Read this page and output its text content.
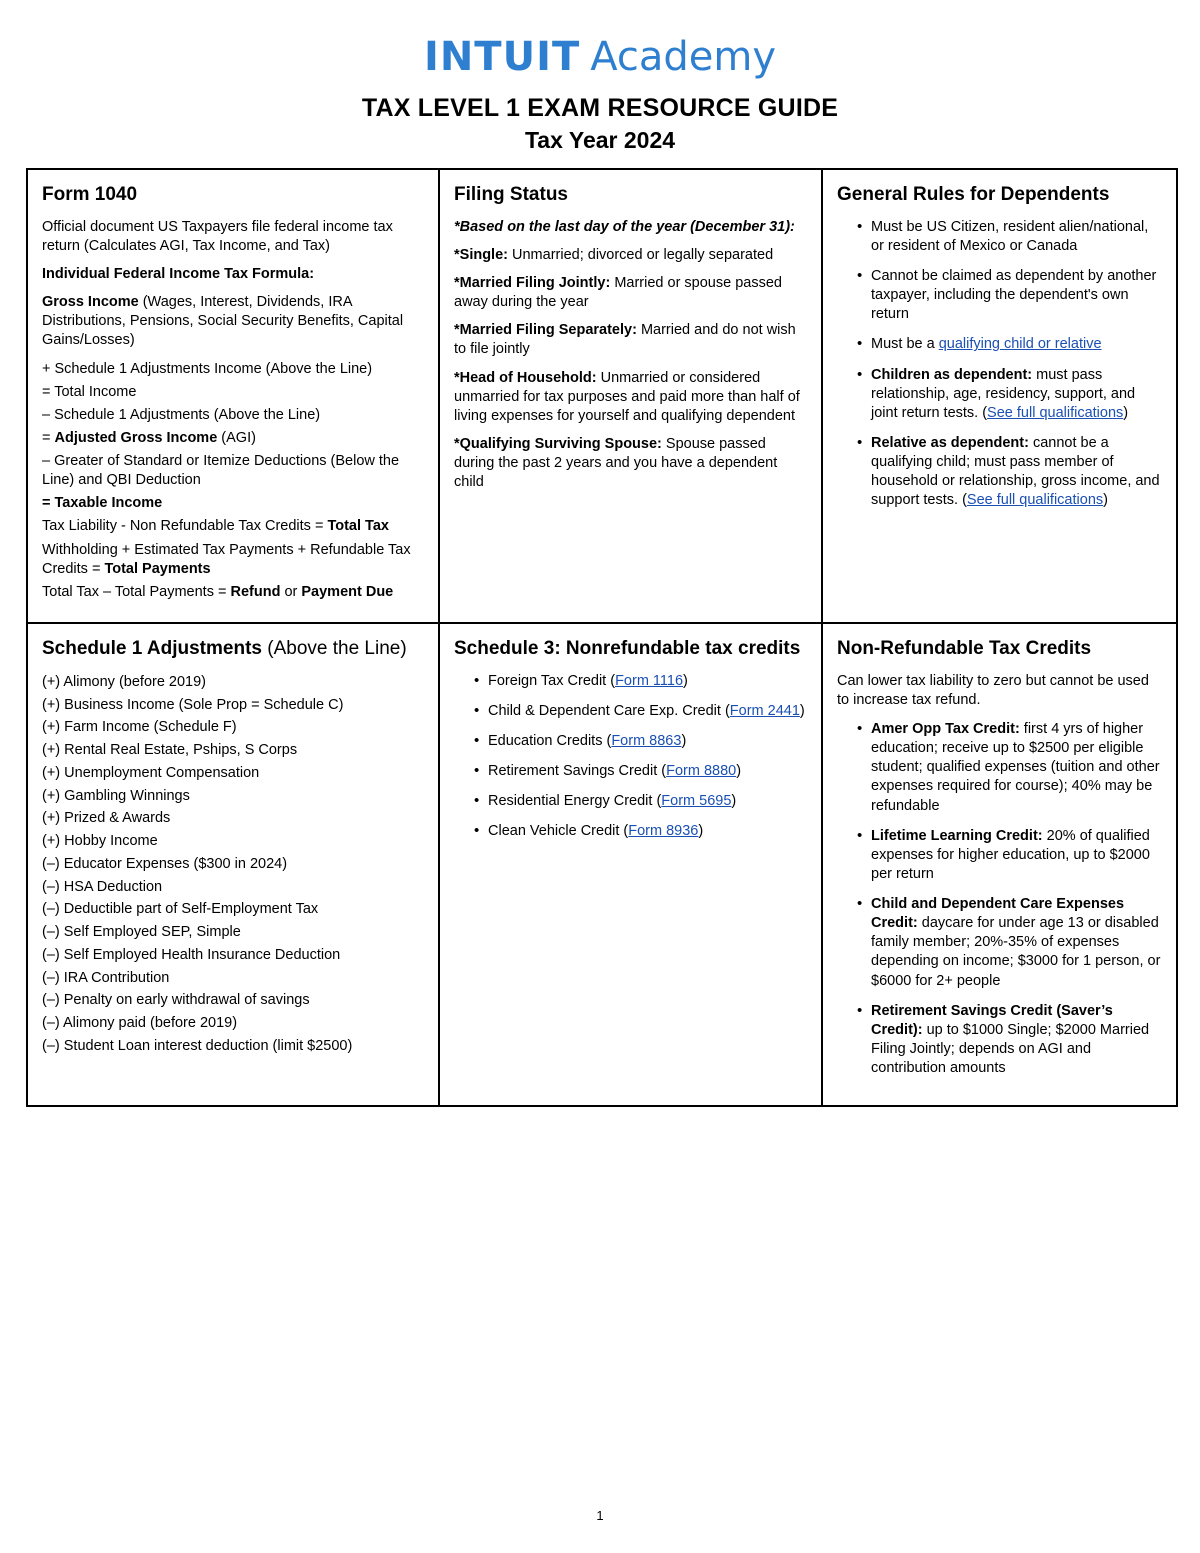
INTUIT Academy
TAX LEVEL 1 EXAM RESOURCE GUIDE
Tax Year 2024
Form 1040

Official document US Taxpayers file federal income tax return (Calculates AGI, Tax Income, and Tax)

Individual Federal Income Tax Formula:

Gross Income (Wages, Interest, Dividends, IRA Distributions, Pensions, Social Security Benefits, Capital Gains/Losses)

+ Schedule 1 Adjustments Income (Above the Line)

= Total Income

– Schedule 1 Adjustments (Above the Line)

= Adjusted Gross Income (AGI)

– Greater of Standard or Itemize Deductions (Below the Line) and QBI Deduction

= Taxable Income

Tax Liability - Non Refundable Tax Credits = Total Tax

Withholding + Estimated Tax Payments + Refundable Tax Credits = Total Payments

Total Tax – Total Payments = Refund or Payment Due

Filing Status

*Based on the last day of the year (December 31):

*Single: Unmarried; divorced or legally separated

*Married Filing Jointly: Married or spouse passed away during the year

*Married Filing Separately: Married and do not wish to file jointly

*Head of Household: Unmarried or considered unmarried for tax purposes and paid more than half of living expenses for yourself and qualifying dependent

*Qualifying Surviving Spouse: Spouse passed during the past 2 years and you have a dependent child

General Rules for Dependents
• Must be US Citizen, resident alien/national, or resident of Mexico or Canada
• Cannot be claimed as dependent by another taxpayer, including the dependent's own return
• Must be a qualifying child or relative
• Children as dependent: must pass relationship, age, residency, support, and joint return tests. (See full qualifications)
• Relative as dependent: cannot be a qualifying child; must pass member of household or relationship, gross income, and support tests. (See full qualifications)
Schedule 1 Adjustments (Above the Line)
(+) Alimony (before 2019)
(+) Business Income (Sole Prop = Schedule C)
(+) Farm Income (Schedule F)
(+) Rental Real Estate, Pships, S Corps
(+) Unemployment Compensation
(+) Gambling Winnings
(+) Prized & Awards
(+) Hobby Income
(–) Educator Expenses ($300 in 2024)
(–) HSA Deduction
(–) Deductible part of Self-Employment Tax
(–) Self Employed SEP, Simple
(–) Self Employed Health Insurance Deduction
(–) IRA Contribution
(–) Penalty on early withdrawal of savings
(–) Alimony paid (before 2019)
(–) Student Loan interest deduction (limit $2500)
Schedule 3: Nonrefundable tax credits
• Foreign Tax Credit (Form 1116)
• Child & Dependent Care Exp. Credit (Form 2441)
• Education Credits (Form 8863)
• Retirement Savings Credit (Form 8880)
• Residential Energy Credit (Form 5695)
• Clean Vehicle Credit (Form 8936)
Non-Refundable Tax Credits

Can lower tax liability to zero but cannot be used to increase tax refund.

• Amer Opp Tax Credit: first 4 yrs of higher education; receive up to $2500 per eligible student; qualified expenses (tuition and other expenses required for course); 40% may be refundable
• Lifetime Learning Credit: 20% of qualified expenses for higher education, up to $2000 per return
• Child and Dependent Care Expenses Credit: daycare for under age 13 or disabled family member; 20%-35% of expenses depending on income; $3000 for 1 person, or $6000 for 2+ people
• Retirement Savings Credit (Saver’s Credit): up to $1000 Single; $2000 Married Filing Jointly; depends on AGI and contribution amounts
1
